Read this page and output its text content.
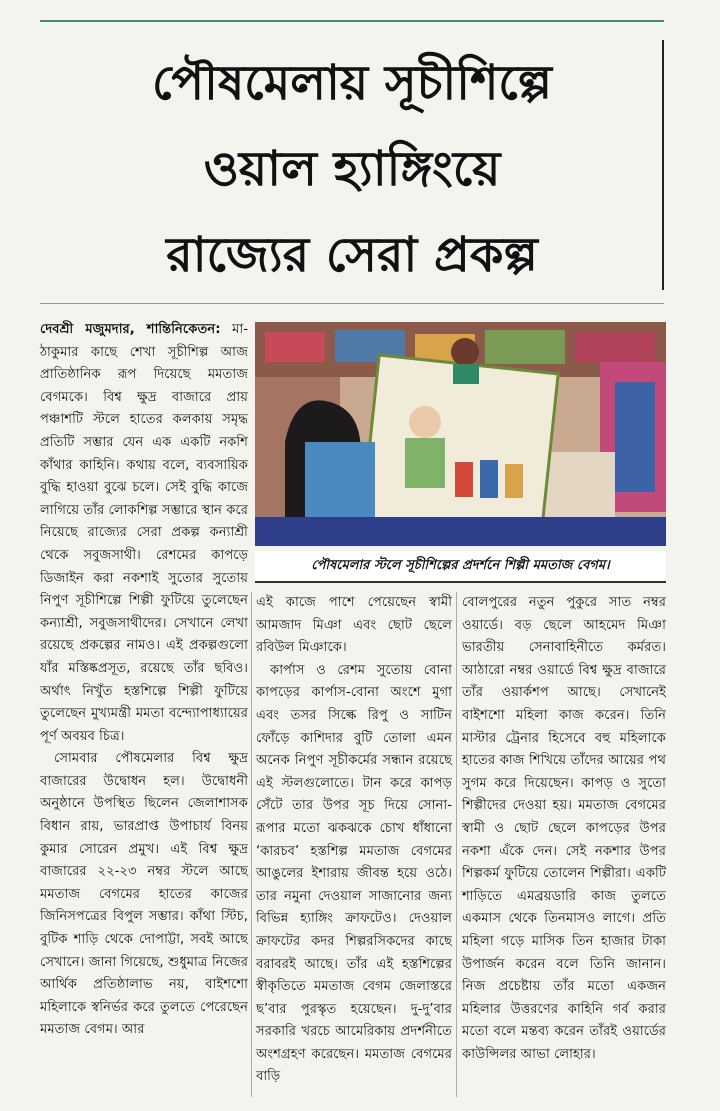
পৌষমেলায় সূচীশিল্পে
ওয়াল হ্যাঙ্গিংয়ে
রাজ্যের সেরা প্রকল্প

দেবশ্রী মজুমদার, শান্তিনিকেতন: মা-ঠাকুমার কাছে শেখা সূচীশিল্প আজ প্রাতিষ্ঠানিক রূপ দিয়েছে মমতাজ বেগমকে। বিশ্ব ক্ষুদ্র বাজারে প্রায় পঞ্চাশটি স্টলে হাতের কলকায় সমৃদ্ধ প্রতিটি সম্ভার যেন এক একটি নকশি কাঁথার কাহিনি। কথায় বলে, ব্যবসায়িক বুদ্ধি হাওয়া বুঝে চলে। সেই বুদ্ধি কাজে লাগিয়ে তাঁর লোকশিল্প সম্ভারে স্থান করে নিয়েছে রাজ্যের সেরা প্রকল্প কন্যাশ্রী থেকে সবুজসাথী। রেশমের কাপড়ে ডিজাইন করা নকশাই সুতোর সুতোয় নিপুণ সূচীশিল্পে শিল্পী ফুটিয়ে তুলেছেন কন্যাশ্রী, সবুজসাথীদের। সেখানে লেখা রয়েছে প্রকল্পের নামও। এই প্রকল্পগুলো যাঁর মস্তিষ্কপ্রসূত, রয়েছে তাঁর ছবিও। অর্থাৎ নিখুঁত হস্তশিল্পে শিল্পী ফুটিয়ে তুলেছেন মুখ্যমন্ত্রী মমতা বন্দ্যোপাধ্যায়ের পূর্ণ অবয়ব চিত্র।

সোমবার পৌষমেলার বিশ্ব ক্ষুদ্র বাজারের উদ্বোধন হল। উদ্বোধনী অনুষ্ঠানে উপস্থিত ছিলেন জেলাশাসক বিধান রায়, ভারপ্রাপ্ত উপাচার্য বিনয় কুমার সোরেন প্রমুখ। এই বিশ্ব ক্ষুদ্র বাজারের ২২-২৩ নম্বর স্টলে আছে মমতাজ বেগমের হাতের কাজের জিনিসপত্রের বিপুল সম্ভার। কাঁথা স্টিচ, বুটিক শাড়ি থেকে দোপাট্টা, সবই আছে সেখানে। জানা গিয়েছে, শুধুমাত্র নিজের আর্থিক প্রতিষ্ঠালাভ নয়, বাইশশো মহিলাকে স্বনির্ভর করে তুলতে পেরেছেন মমতাজ বেগম। আর

পৌষমেলার স্টলে সূচীশিল্পের প্রদর্শনে শিল্পী মমতাজ বেগম।

এই কাজে পাশে পেয়েছেন স্বামী আমজাদ মিঞা এবং ছোট ছেলে রবিউল মিঞাকে।

কার্পাস ও রেশম সুতোয় বোনা কাপড়ের কার্পাস-বোনা অংশে মুগা এবং তসর সিল্কে রিপু ও সাটিন ফোঁড়ে কাশিদার বুটি তোলা এমন অনেক নিপুণ সূচীকর্মের সন্ধান রয়েছে এই স্টলগুলোতে। টান করে কাপড় সেঁটে তার উপর সূচ দিয়ে সোনা-রূপার মতো ঝকঝকে চোখ ধাঁধানো ‘কারচব’ হস্তশিল্প মমতাজ বেগমের আঙুলের ইশারায় জীবন্ত হয়ে ওঠে। তার নমুনা দেওয়াল সাজানোর জন্য বিভিন্ন হ্যাঙ্গিং ক্রাফটেও। দেওয়াল ক্রাফটের কদর শিল্পরসিকদের কাছে বরাবরই আছে। তাঁর এই হস্তশিল্পের স্বীকৃতিতে মমতাজ বেগম জেলাস্তরে ছ’বার পুরস্কৃত হয়েছেন। দু-দু’বার সরকারি খরচে আমেরিকায় প্রদর্শনীতে অংশগ্রহণ করেছেন। মমতাজ বেগমের বাড়ি

বোলপুরের নতুন পুকুরে সাত নম্বর ওয়ার্ডে। বড় ছেলে আহমেদ মিঞা ভারতীয় সেনাবাহিনীতে কর্মরত। আঠারো নম্বর ওয়ার্ডে বিশ্ব ক্ষুদ্র বাজারে তাঁর ওয়ার্কশপ আছে। সেখানেই বাইশশো মহিলা কাজ করেন। তিনি মাস্টার ট্রেনার হিসেবে বহু মহিলাকে হাতের কাজ শিখিয়ে তাঁদের আয়ের পথ সুগম করে দিয়েছেন। কাপড় ও সুতো শিল্পীদের দেওয়া হয়। মমতাজ বেগমের স্বামী ও ছোট ছেলে কাপড়ের উপর নকশা এঁকে দেন। সেই নকশার উপর শিল্পকর্ম ফুটিয়ে তোলেন শিল্পীরা। একটি শাড়িতে এমব্রয়ডারি কাজ তুলতে একমাস থেকে তিনমাসও লাগে। প্রতি মহিলা গড়ে মাসিক তিন হাজার টাকা উপার্জন করেন বলে তিনি জানান। নিজ প্রচেষ্টায় তাঁর মতো একজন মহিলার উত্তরণের কাহিনি গর্ব করার মতো বলে মন্তব্য করেন তাঁরই ওয়ার্ডের কাউন্সিলর আভা লোহার।
